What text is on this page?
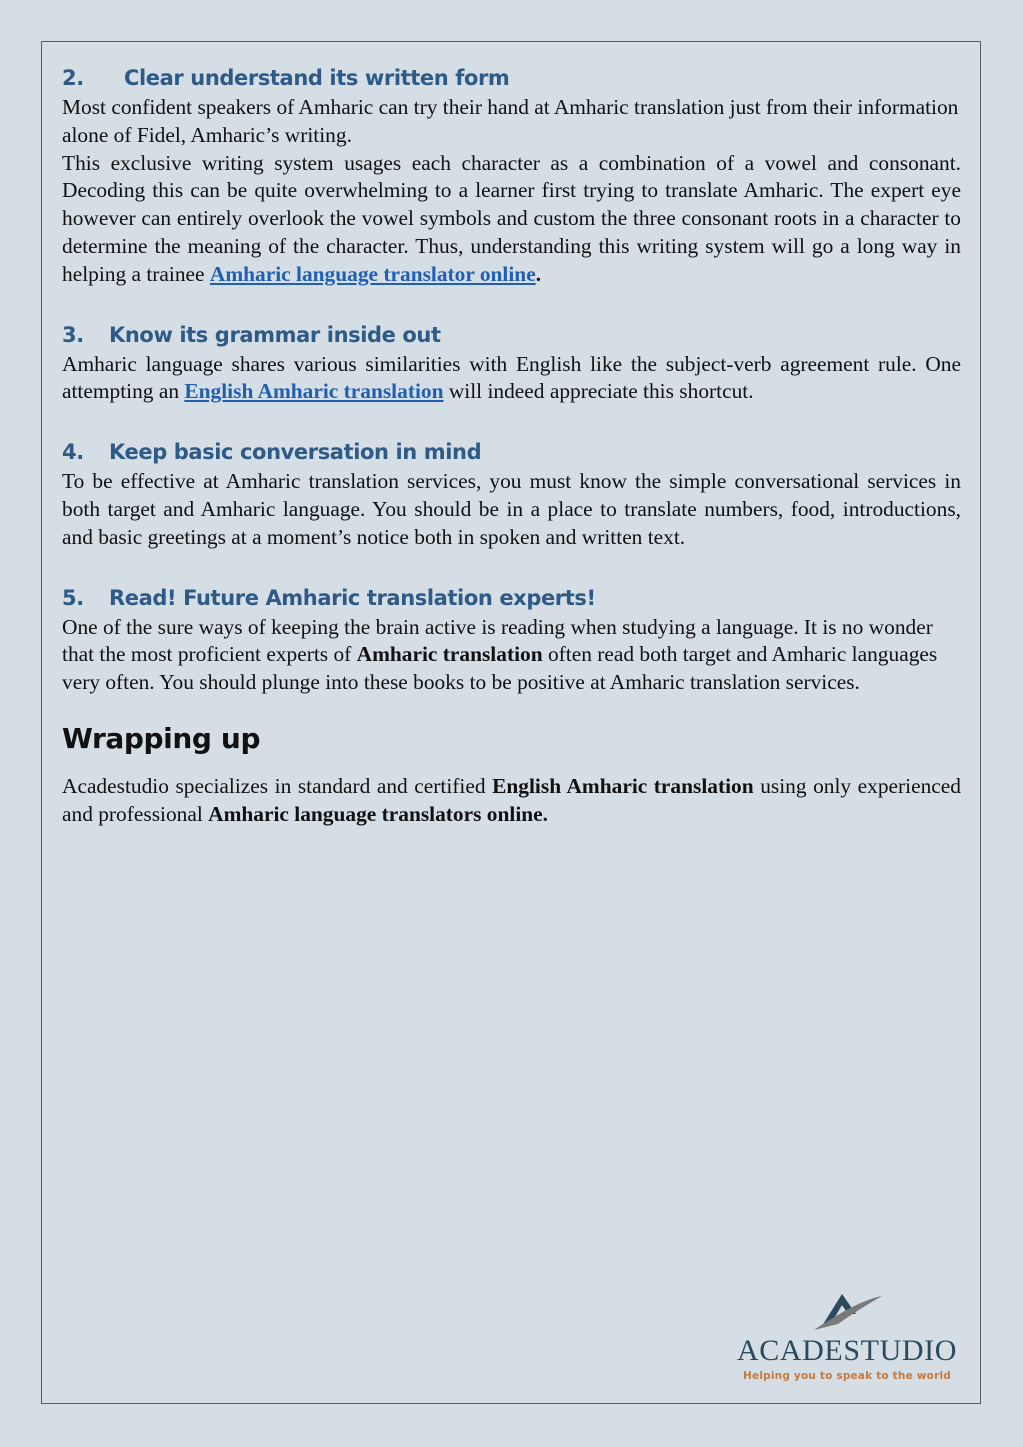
2. Clear understand its written form

Most confident speakers of Amharic can try their hand at Amharic translation just from their information alone of Fidel, Amharic’s writing.

This exclusive writing system usages each character as a combination of a vowel and consonant. Decoding this can be quite overwhelming to a learner first trying to translate Amharic. The expert eye however can entirely overlook the vowel symbols and custom the three consonant roots in a character to determine the meaning of the character. Thus, understanding this writing system will go a long way in helping a trainee Amharic language translator online.

3. Know its grammar inside out

Amharic language shares various similarities with English like the subject-verb agreement rule. One attempting an English Amharic translation will indeed appreciate this shortcut.

4. Keep basic conversation in mind

To be effective at Amharic translation services, you must know the simple conversational services in both target and Amharic language. You should be in a place to translate numbers, food, introductions, and basic greetings at a moment’s notice both in spoken and written text.

5. Read! Future Amharic translation experts!

One of the sure ways of keeping the brain active is reading when studying a language. It is no wonder that the most proficient experts of Amharic translation often read both target and Amharic languages very often. You should plunge into these books to be positive at Amharic translation services.

Wrapping up

Acadestudio specializes in standard and certified English Amharic translation using only experienced and professional Amharic language translators online.

ACADESTUDIO
Helping you to speak to the world
